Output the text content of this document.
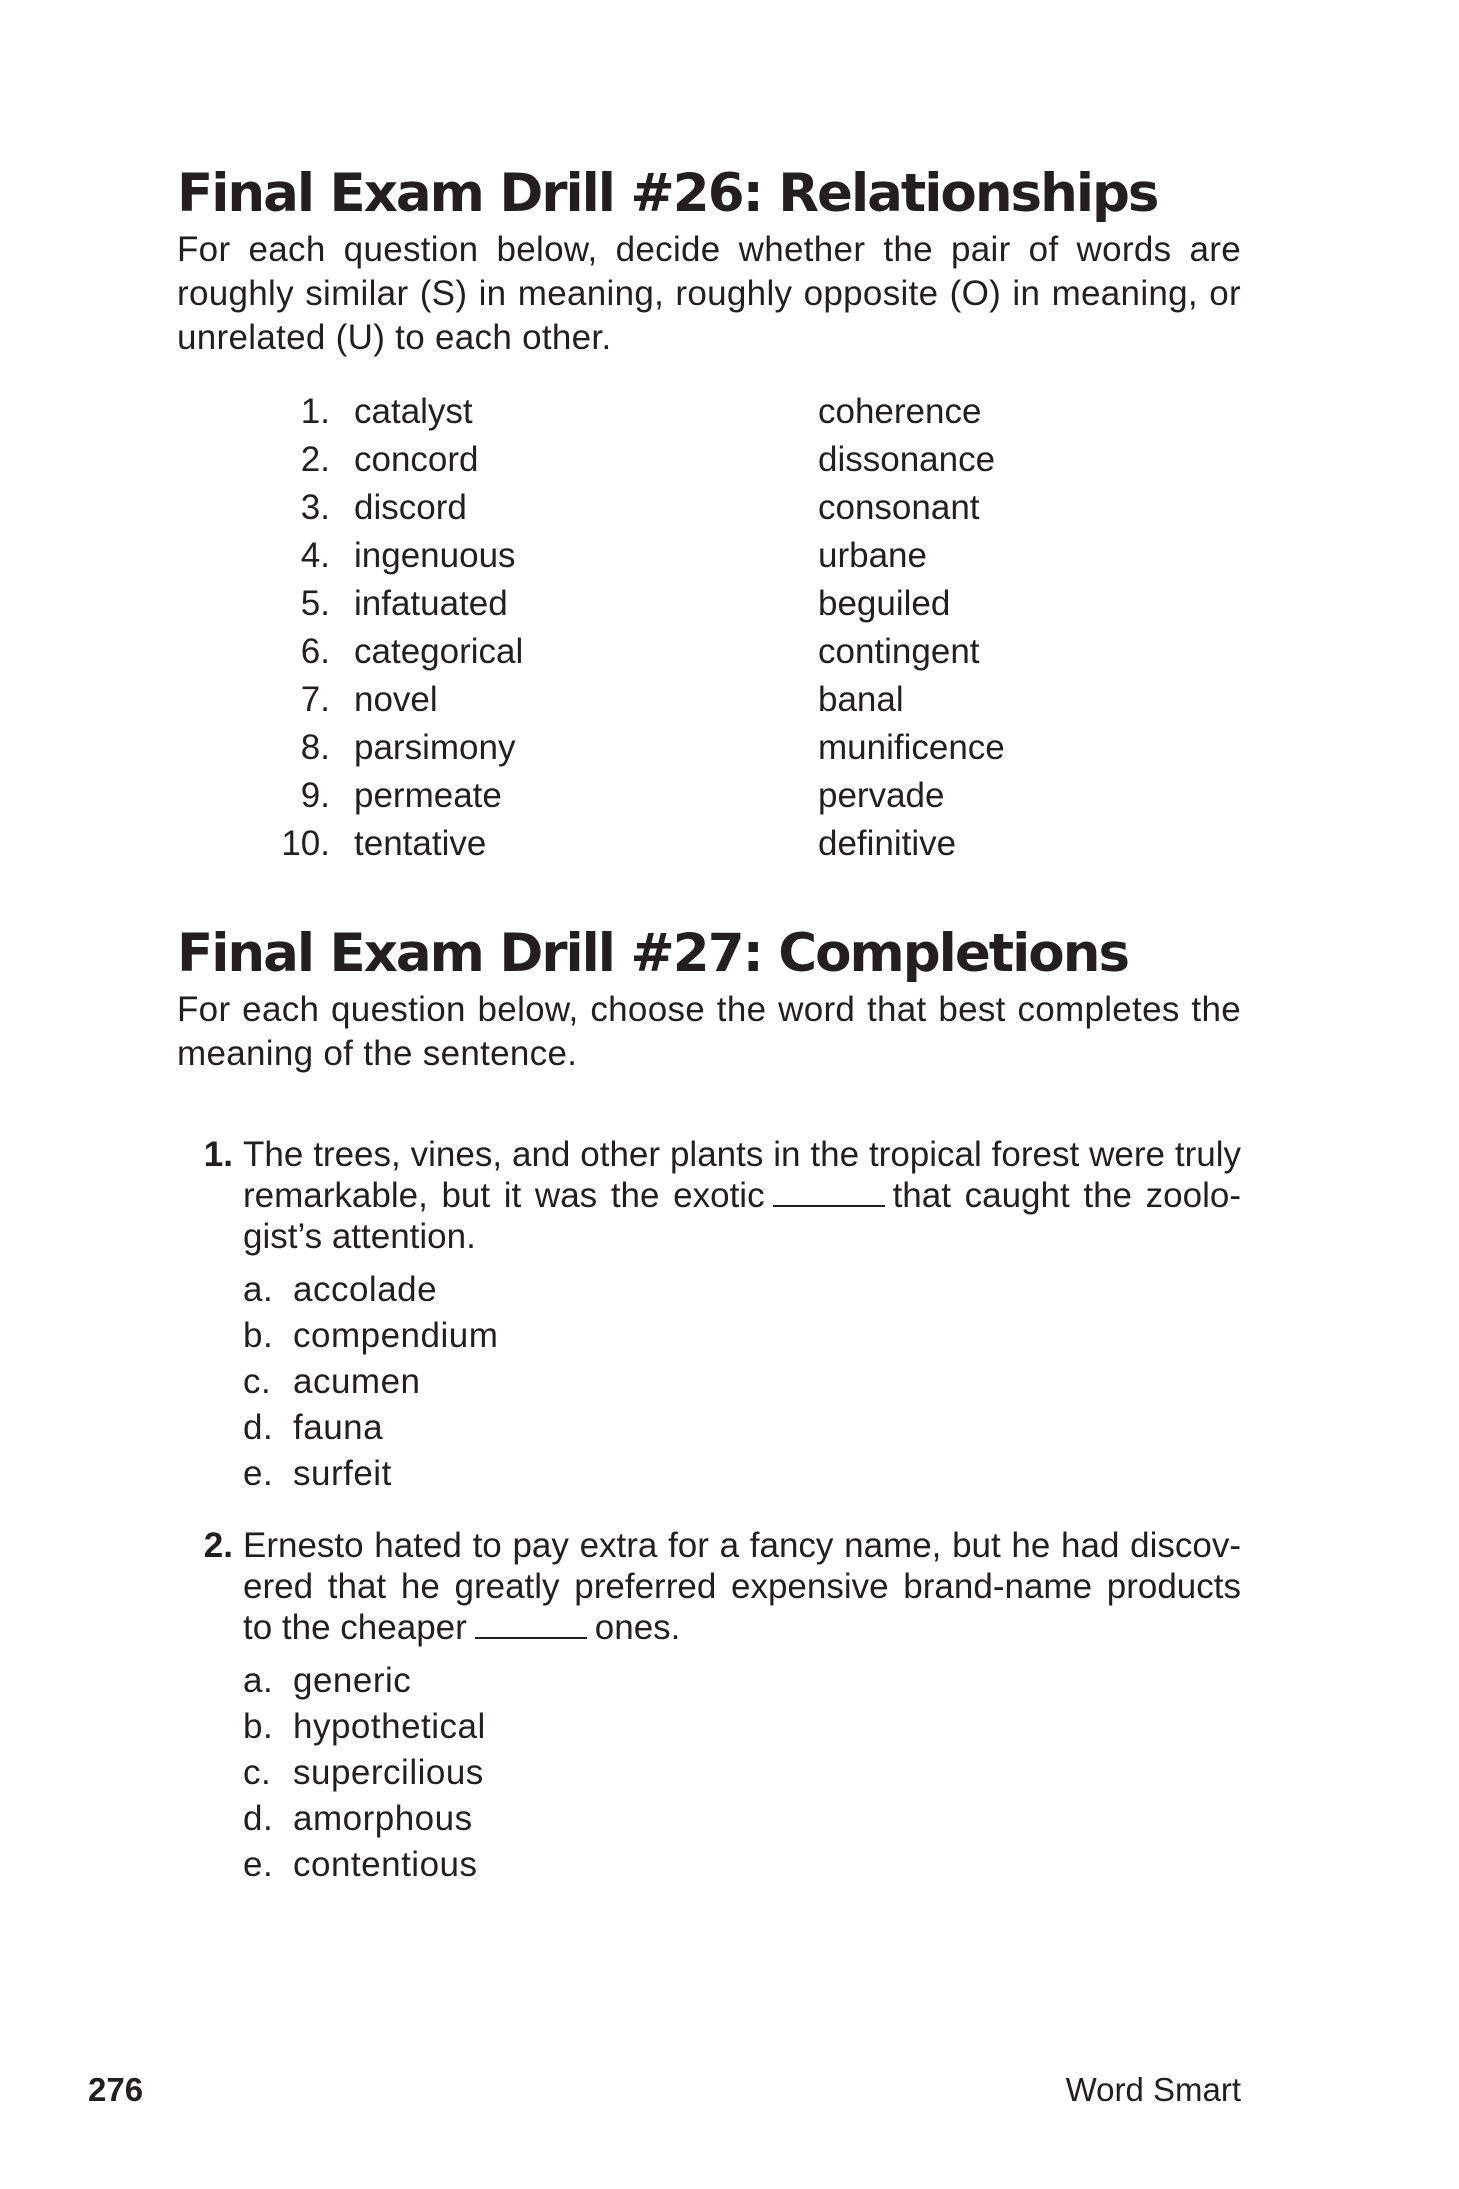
Final Exam Drill #26: Relationships

For each question below, decide whether the pair of words are roughly similar (S) in meaning, roughly opposite (O) in meaning, or unrelated (U) to each other.

1. catalyst	coherence
2. concord	dissonance
3. discord	consonant
4. ingenuous	urbane
5. infatuated	beguiled
6. categorical	contingent
7. novel	banal
8. parsimony	munificence
9. permeate	pervade
10. tentative	definitive
Final Exam Drill #27: Completions

For each question below, choose the word that best completes the meaning of the sentence.

1. The trees, vines, and other plants in the tropical forest were truly remarkable, but it was the exotic	that caught the zoolo-gist’s attention.

a. accolade
b. compendium
c. acumen
d. fauna
e. surfeit
2. Ernesto hated to pay extra for a fancy name, but he had discov-ered that he greatly preferred expensive brand-name products to the cheaper	ones.

a. generic
b. hypothetical
c. supercilious
d. amorphous
e. contentious
276	Word Smart
